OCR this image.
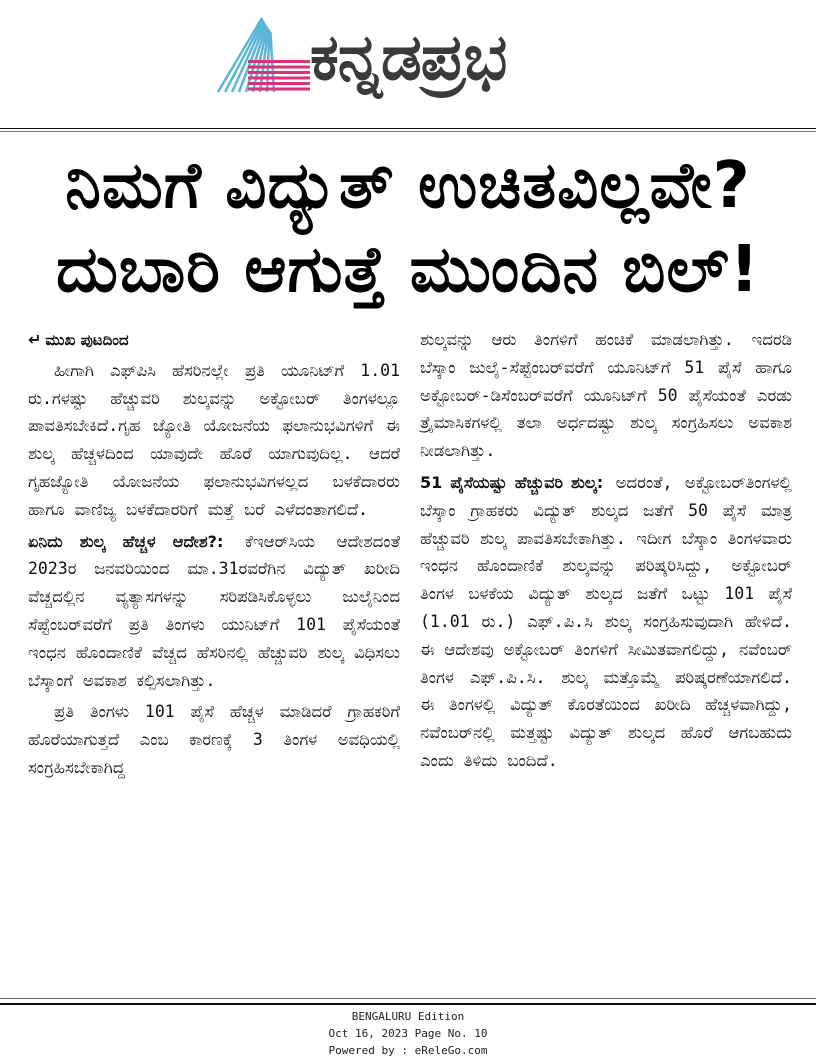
ಕನ್ನಡಪ್ರಭ
ನಿಮಗೆ ವಿದ್ಯುತ್ ಉಚಿತವಿಲ್ಲವೇ?
ದುಬಾರಿ ಆಗುತ್ತೆ ಮುಂದಿನ ಬಿಲ್!
↵ ಮುಖ ಪುಟದಿಂದ

ಹೀಗಾಗಿ ಎಫ್‌ಪಿಸಿ ಹೆಸರಿನಲ್ಲೇ ಪ್ರತಿ ಯೂನಿಟ್‌ಗೆ 1.01 ರು.ಗಳಷ್ಟು ಹೆಚ್ಚುವರಿ ಶುಲ್ಕವನ್ನು ಅಕ್ಟೋಬರ್ ತಿಂಗಳಲ್ಲೂ ಪಾವತಿಸಬೇಕಿದೆ.ಗೃಹ ಜ್ಯೋತಿ ಯೋಜನೆಯ ಫಲಾನುಭವಿಗಳಿಗೆ ಈ ಶುಲ್ಕ ಹೆಚ್ಚಳದಿಂದ ಯಾವುದೇ ಹೊರೆ ಯಾಗುವುದಿಲ್ಲ. ಆದರೆ ಗೃಹಜ್ಯೋತಿ ಯೋಜನೆಯ ಫಲಾನುಭವಿಗಳಲ್ಲದ ಬಳಕೆದಾರರು ಹಾಗೂ ವಾಣಿಜ್ಯ ಬಳಕೆದಾರರಿಗೆ ಮತ್ತೆ ಬರೆ ಎಳೆದಂತಾಗಲಿದೆ.

ಏನಿದು ಶುಲ್ಕ ಹೆಚ್ಚಳ ಆದೇಶ?: ಕೆಇಆರ್‌ಸಿಯ ಆದೇಶದಂತೆ 2023ರ ಜನವರಿಯಿಂದ ಮಾ.31ರವರೆಗಿನ ವಿದ್ಯುತ್ ಖರೀದಿ ವೆಚ್ಚದಲ್ಲಿನ ವ್ಯತ್ಯಾಸಗಳನ್ನು ಸರಿಪಡಿಸಿಕೊಳ್ಳಲು ಜುಲೈನಿಂದ ಸೆಪ್ಟೆಂಬರ್‌ವರೆಗೆ ಪ್ರತಿ ತಿಂಗಳು ಯುನಿಟ್‌ಗೆ 101 ಪೈಸೆಯಂತೆ ಇಂಧನ ಹೊಂದಾಣಿಕೆ ವೆಚ್ಚದ ಹೆಸರಿನಲ್ಲಿ ಹೆಚ್ಚುವರಿ ಶುಲ್ಕ ವಿಧಿಸಲು ಬೆಸ್ಕಾಂಗೆ ಅವಕಾಶ ಕಲ್ಪಿಸಲಾಗಿತ್ತು.

ಪ್ರತಿ ತಿಂಗಳು 101 ಪೈಸೆ ಹೆಚ್ಚಳ ಮಾಡಿದರೆ ಗ್ರಾಹಕರಿಗೆ ಹೊರೆಯಾಗುತ್ತದೆ ಎಂಬ ಕಾರಣಕ್ಕೆ 3 ತಿಂಗಳ ಅವಧಿಯಲ್ಲಿ ಸಂಗ್ರಹಿಸಬೇಕಾಗಿದ್ದ

ಶುಲ್ಕವನ್ನು ಆರು ತಿಂಗಳಿಗೆ ಹಂಚಿಕೆ ಮಾಡಲಾಗಿತ್ತು. ಇದರಡಿ ಬೆಸ್ಕಾಂ ಜುಲೈ-ಸೆಪ್ಟೆಂಬರ್‌ವರೆಗೆ ಯೂನಿಟ್‌ಗೆ 51 ಪೈಸೆ ಹಾಗೂ ಅಕ್ಟೋಬರ್-ಡಿಸೆಂಬರ್‌ವರೆಗೆ ಯೂನಿಟ್‌ಗೆ 50 ಪೈಸೆಯಂತೆ ಎರಡು ತ್ರೈಮಾಸಿಕಗಳಲ್ಲಿ ತಲಾ ಅರ್ಧದಷ್ಟು ಶುಲ್ಕ ಸಂಗ್ರಹಿಸಲು ಅವಕಾಶ ನೀಡಲಾಗಿತ್ತು.

51 ಪೈಸೆಯಷ್ಟು ಹೆಚ್ಚುವರಿ ಶುಲ್ಕ: ಅದರಂತೆ, ಅಕ್ಟೋಬರ್‌ತಿಂಗಳಲ್ಲಿ ಬೆಸ್ಕಾಂ ಗ್ರಾಹಕರು ವಿದ್ಯುತ್ ಶುಲ್ಕದ ಜತೆಗೆ 50 ಪೈಸೆ ಮಾತ್ರ ಹೆಚ್ಚುವರಿ ಶುಲ್ಕ ಪಾವತಿಸಬೇಕಾಗಿತ್ತು. ಇದೀಗ ಬೆಸ್ಕಾಂ ತಿಂಗಳವಾರು ಇಂಧನ ಹೊಂದಾಣಿಕೆ ಶುಲ್ಕವನ್ನು ಪರಿಷ್ಕರಿಸಿದ್ದು, ಅಕ್ಟೋಬರ್ ತಿಂಗಳ ಬಳಕೆಯ ವಿದ್ಯುತ್ ಶುಲ್ಕದ ಜತೆಗೆ ಒಟ್ಟು 101 ಪೈಸೆ (1.01 ರು.) ಎಫ್.ಪಿ.ಸಿ ಶುಲ್ಕ ಸಂಗ್ರಹಿಸುವುದಾಗಿ ಹೇಳಿದೆ. ಈ ಆದೇಶವು ಅಕ್ಟೋಬರ್ ತಿಂಗಳಿಗೆ ಸೀಮಿತವಾಗಲಿದ್ದು, ನವೆಂಬರ್ ತಿಂಗಳ ಎಫ್.ಪಿ.ಸಿ. ಶುಲ್ಕ ಮತ್ತೊಮ್ಮೆ ಪರಿಷ್ಕರಣೆಯಾಗಲಿದೆ. ಈ ತಿಂಗಳಲ್ಲಿ ವಿದ್ಯುತ್ ಕೊರತೆಯಿಂದ ಖರೀದಿ ಹೆಚ್ಚಳವಾಗಿದ್ದು, ನವೆಂಬರ್‌ನಲ್ಲಿ ಮತ್ತಷ್ಟು ವಿದ್ಯುತ್ ಶುಲ್ಕದ ಹೊರೆ ಆಗಬಹುದು ಎಂದು ತಿಳಿದು ಬಂದಿದೆ.

BENGALURU Edition
Oct 16, 2023 Page No. 10
Powered by : eReleGo.com
